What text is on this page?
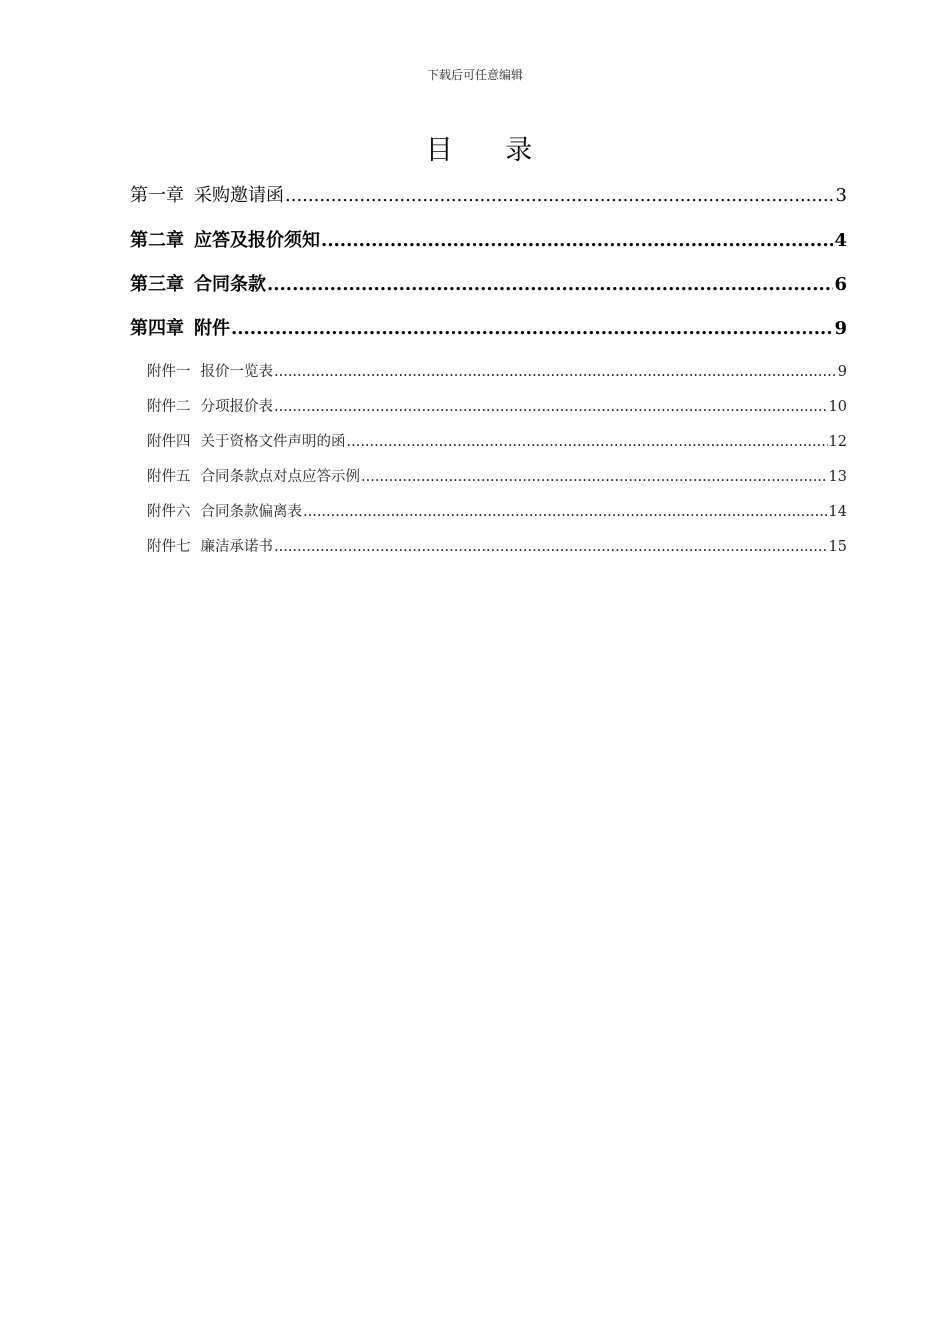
下载后可任意编辑
目 录
第一章 采购邀请函 .....	3
第二章 应答及报价须知 .....	4
第三章 合同条款 .....	6
第四章 附件 .....	9
附件一 报价一览表 .....	9
附件二 分项报价表 .....	10
附件四 关于资格文件声明的函 .....	12
附件五 合同条款点对点应答示例 .....	13
附件六 合同条款偏离表 .....	14
附件七 廉洁承诺书 .....	15
